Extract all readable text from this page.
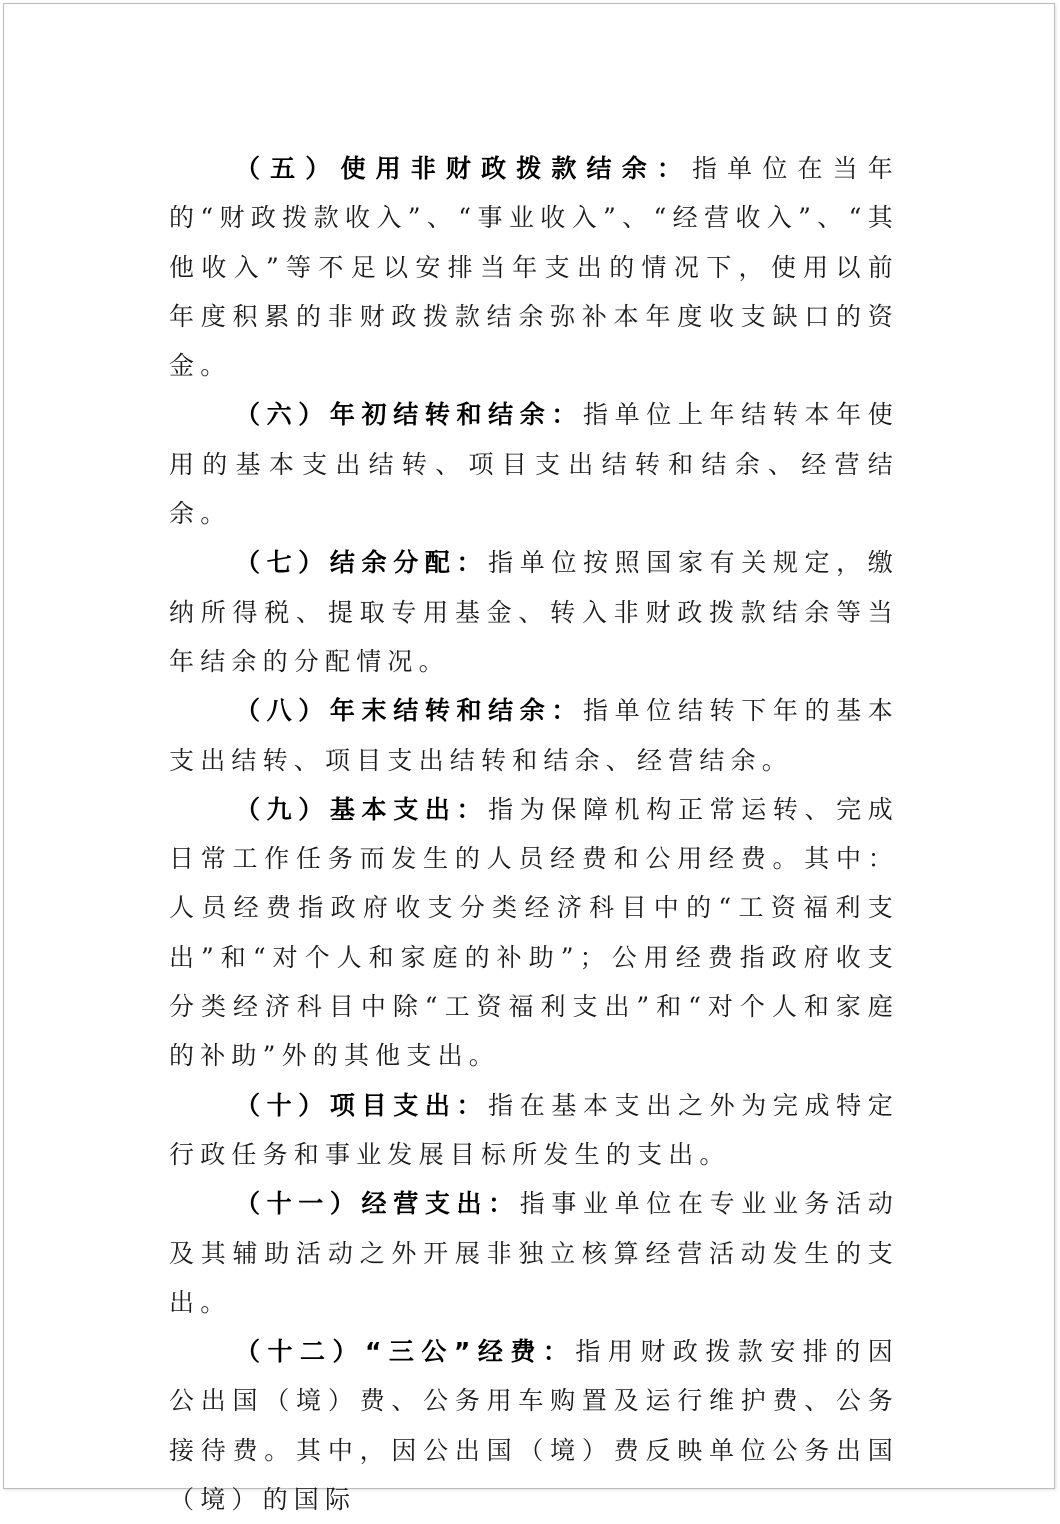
（五）使用非财政拨款结余：指单位在当年的“财政拨款收入”、“事业收入”、“经营收入”、“其他收入”等不足以安排当年支出的情况下，使用以前年度积累的非财政拨款结余弥补本年度收支缺口的资金。

（六）年初结转和结余：指单位上年结转本年使用的基本支出结转、项目支出结转和结余、经营结余。

（七）结余分配：指单位按照国家有关规定，缴纳所得税、提取专用基金、转入非财政拨款结余等当年结余的分配情况。

（八）年末结转和结余：指单位结转下年的基本支出结转、项目支出结转和结余、经营结余。

（九）基本支出：指为保障机构正常运转、完成日常工作任务而发生的人员经费和公用经费。其中：人员经费指政府收支分类经济科目中的“工资福利支出”和“对个人和家庭的补助”；公用经费指政府收支分类经济科目中除“工资福利支出”和“对个人和家庭的补助”外的其他支出。

（十）项目支出：指在基本支出之外为完成特定行政任务和事业发展目标所发生的支出。

（十一）经营支出：指事业单位在专业业务活动及其辅助活动之外开展非独立核算经营活动发生的支出。

（十二）“三公”经费：指用财政拨款安排的因公出国（境）费、公务用车购置及运行维护费、公务接待费。其中，因公出国（境）费反映单位公务出国（境）的国际
